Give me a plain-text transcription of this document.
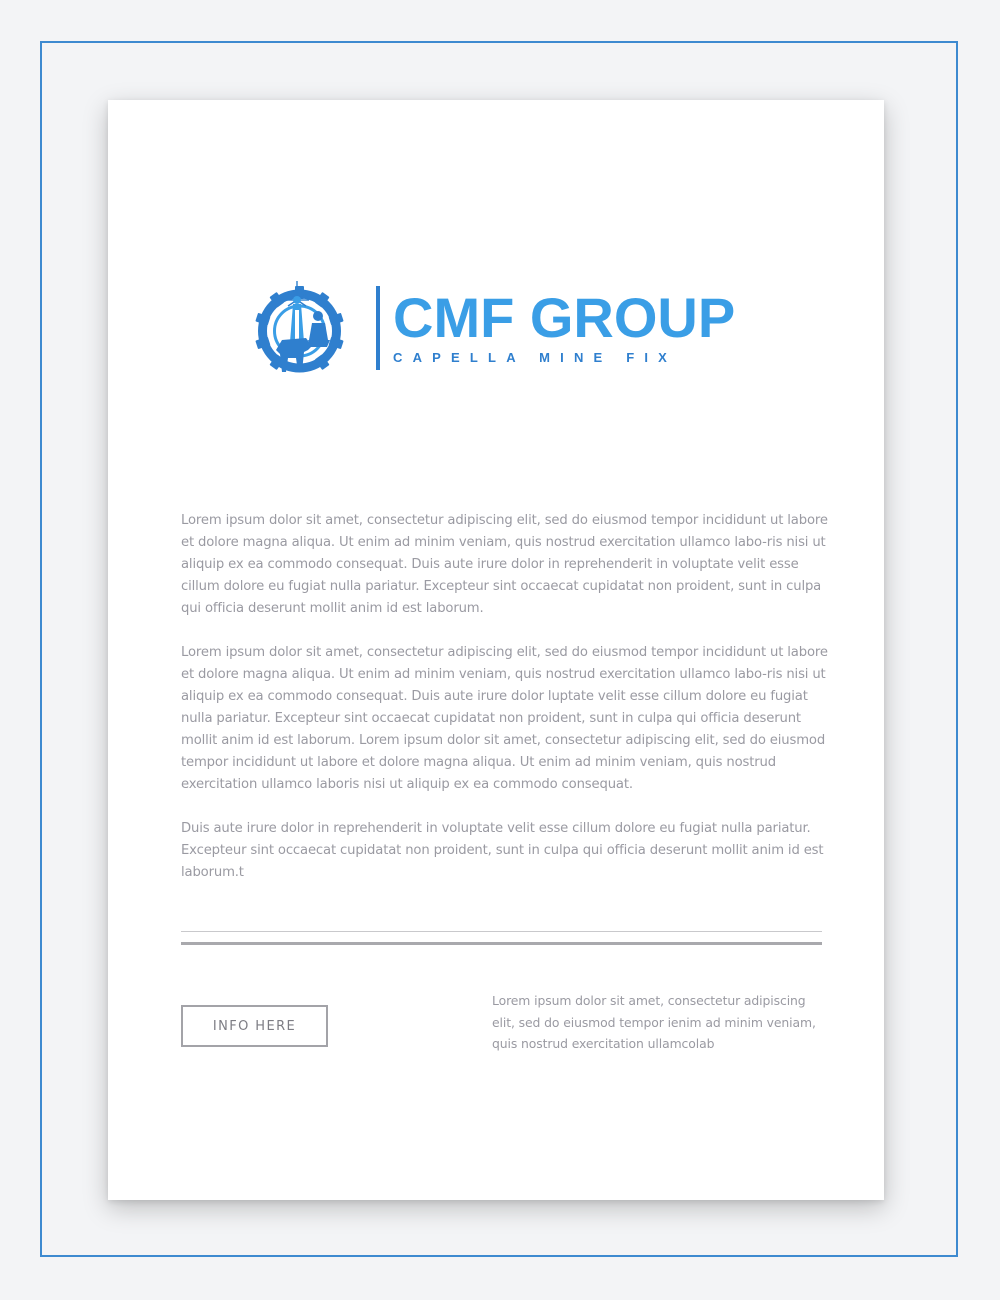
CMF GROUP
CAPELLA MINE FIX

Lorem ipsum dolor sit amet, consectetur adipiscing elit, sed do eiusmod tempor incididunt ut labore et dolore magna aliqua. Ut enim ad minim veniam, quis nostrud exercitation ullamco labo-ris nisi ut aliquip ex ea commodo consequat. Duis aute irure dolor in reprehenderit in voluptate velit esse cillum dolore eu fugiat nulla pariatur. Excepteur sint occaecat cupidatat non proident, sunt in culpa qui officia deserunt mollit anim id est laborum.

Lorem ipsum dolor sit amet, consectetur adipiscing elit, sed do eiusmod tempor incididunt ut labore et dolore magna aliqua. Ut enim ad minim veniam, quis nostrud exercitation ullamco labo-ris nisi ut aliquip ex ea commodo consequat. Duis aute irure dolor luptate velit esse cillum dolore eu fugiat nulla pariatur. Excepteur sint occaecat cupidatat non proident, sunt in culpa qui officia deserunt mollit anim id est laborum. Lorem ipsum dolor sit amet, consectetur adipiscing elit, sed do eiusmod tempor incididunt ut labore et dolore magna aliqua. Ut enim ad minim veniam, quis nostrud exercitation ullamco laboris nisi ut aliquip ex ea commodo consequat.

Duis aute irure dolor in reprehenderit in voluptate velit esse cillum dolore eu fugiat nulla pariatur. Excepteur sint occaecat cupidatat non proident, sunt in culpa qui officia deserunt mollit anim id est laborum.t

INFO HERE

Lorem ipsum dolor sit amet, consectetur adipiscing elit, sed do eiusmod tempor ienim ad minim veniam, quis nostrud exercitation ullamcolab
